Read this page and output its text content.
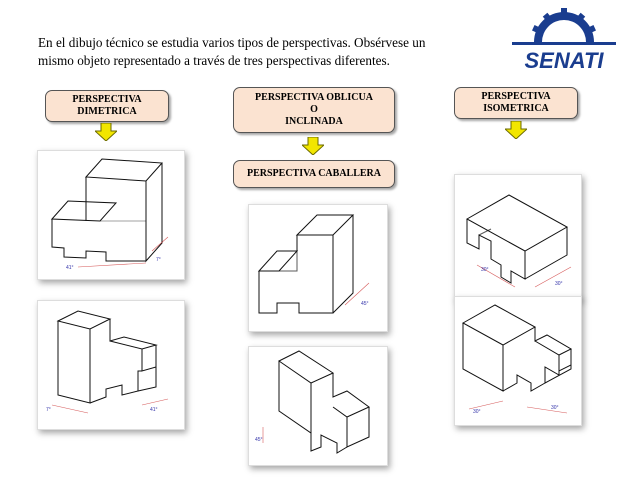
En el dibujo técnico se estudia varios tipos de perspectivas. Obsérvese un
mismo objeto representado a través de tres perspectivas diferentes.	SENATI
PERSPECTIVA
DIMETRICA
PERSPECTIVA OBLICUA
O
INCLINADA
PERSPECTIVA CABALLERA
PERSPECTIVA
ISOMETRICA
41°
7°
7°	41°
45°
45°
30°
30°
30°
30°
